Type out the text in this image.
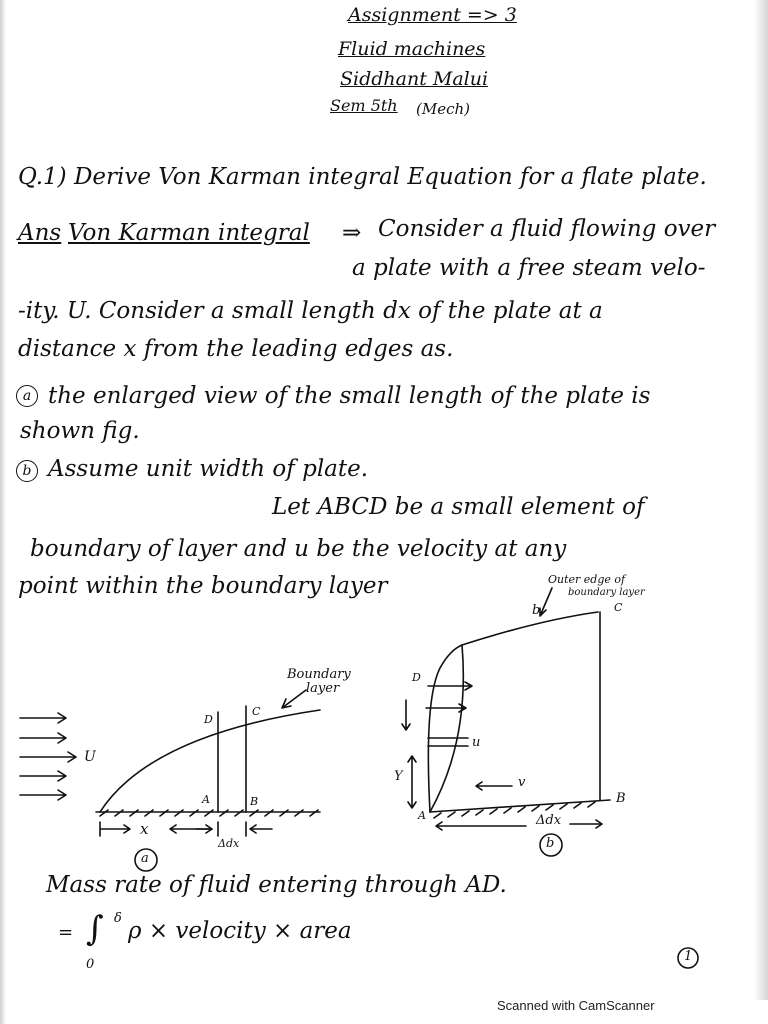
Assignment => 3
Fluid machines
Siddhant Malui
Sem 5th (Mech)
Q.1) Derive Von Karman integral Equation for a flate plate.
Ans Von Karman integral ⇒ Consider a fluid flowing over
a plate with a free steam velo-
-ity. U. Consider a small length dx of the plate at a
distance x from the leading edges as.
a the enlarged view of the small length of the plate is
shown fig.
b Assume unit width of plate.
Let ABCD be a small element of
boundary of layer and u be the velocity at any
point within the boundary layer
Boundary
layer
U
D
C
A	B
x
Δdx
a
Outer edge of
boundary layer
b	C
D
u
Y	v
A
B
Δdx
b
Mass rate of fluid entering through AD.
= ∫ δ
0
ρ × velocity × area
1
Scanned with CamScanner
